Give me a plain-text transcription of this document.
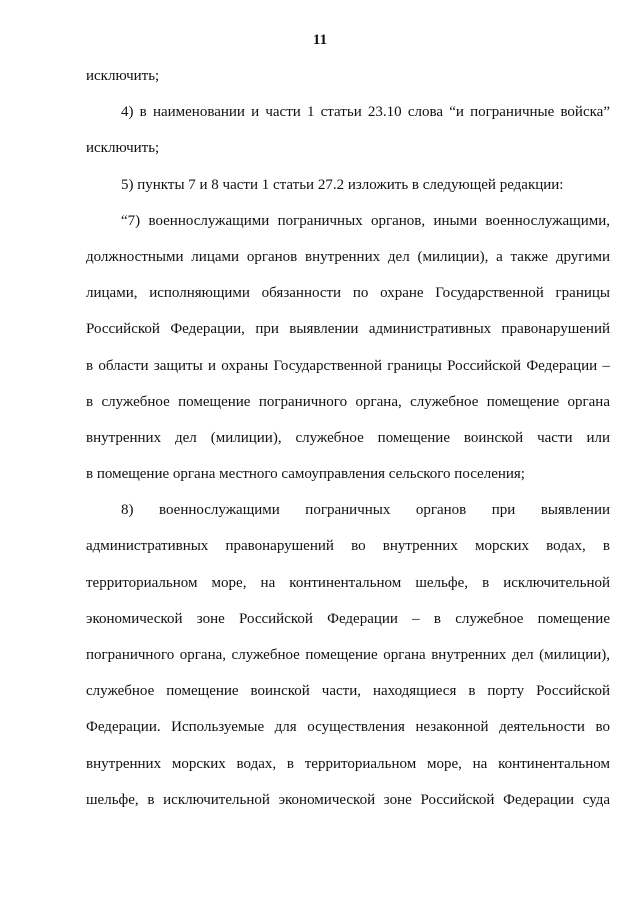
11
исключить;
4) в наименовании и части 1 статьи 23.10 слова “и пограничные войска”
исключить;
5) пункты 7 и 8 части 1 статьи 27.2 изложить в следующей редакции:
“7) военнослужащими пограничных органов, иными военнослужащими,
должностными лицами органов внутренних дел (милиции), а также другими
лицами, исполняющими обязанности по охране Государственной границы
Российской Федерации, при выявлении административных правонарушений
в области защиты и охраны Государственной границы Российской Федерации –
в служебное помещение пограничного органа, служебное помещение органа
внутренних дел (милиции), служебное помещение воинской части или
в помещение органа местного самоуправления сельского поселения;
8) военнослужащими пограничных органов при выявлении
административных правонарушений во внутренних морских водах, в
территориальном море, на континентальном шельфе, в исключительной
экономической зоне Российской Федерации – в служебное помещение
пограничного органа, служебное помещение органа внутренних дел (милиции),
служебное помещение воинской части, находящиеся в порту Российской
Федерации. Используемые для осуществления незаконной деятельности во
внутренних морских водах, в территориальном море, на континентальном
шельфе, в исключительной экономической зоне Российской Федерации суда
